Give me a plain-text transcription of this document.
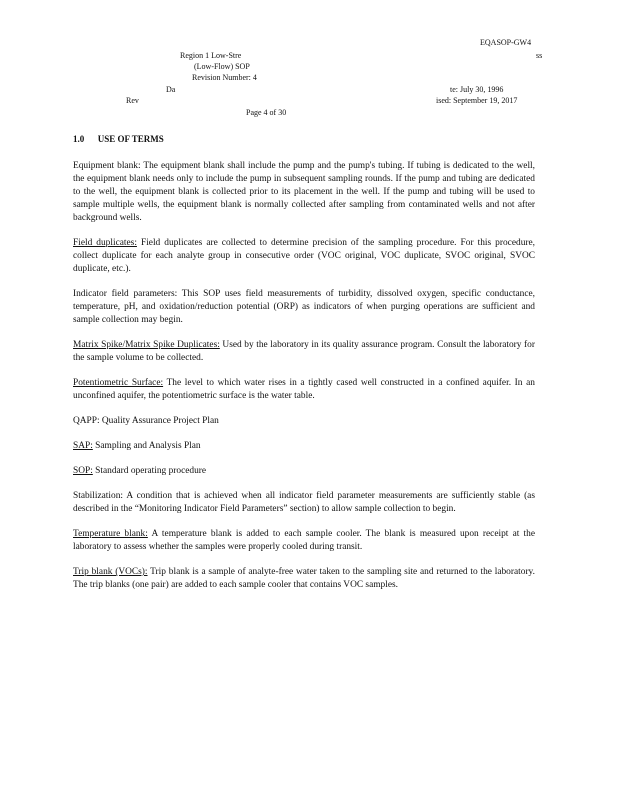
EQASOP-GW4
Region 1 Low-Stre	ss
(Low-Flow) SOP
Revision Number: 4
Da	te: July 30, 1996
Rev	ised: September 19, 2017
Page 4 of 30
1.0      USE OF TERMS

Equipment blank: The equipment blank shall include the pump and the pump's tubing. If tubing is dedicated to the well, the equipment blank needs only to include the pump in subsequent sampling rounds. If the pump and tubing are dedicated to the well, the equipment blank is collected prior to its placement in the well. If the pump and tubing will be used to sample multiple wells, the equipment blank is normally collected after sampling from contaminated wells and not after background wells.

Field duplicates: Field duplicates are collected to determine precision of the sampling procedure. For this procedure, collect duplicate for each analyte group in consecutive order (VOC original, VOC duplicate, SVOC original, SVOC duplicate, etc.).

Indicator field parameters: This SOP uses field measurements of turbidity, dissolved oxygen, specific conductance, temperature, pH, and oxidation/reduction potential (ORP) as indicators of when purging operations are sufficient and sample collection may begin.

Matrix Spike/Matrix Spike Duplicates: Used by the laboratory in its quality assurance program. Consult the laboratory for the sample volume to be collected.

Potentiometric Surface: The level to which water rises in a tightly cased well constructed in a confined aquifer. In an unconfined aquifer, the potentiometric surface is the water table.

QAPP: Quality Assurance Project Plan

SAP: Sampling and Analysis Plan

SOP: Standard operating procedure

Stabilization: A condition that is achieved when all indicator field parameter measurements are sufficiently stable (as described in the “Monitoring Indicator Field Parameters” section) to allow sample collection to begin.

Temperature blank: A temperature blank is added to each sample cooler. The blank is measured upon receipt at the laboratory to assess whether the samples were properly cooled during transit.

Trip blank (VOCs): Trip blank is a sample of analyte-free water taken to the sampling site and returned to the laboratory. The trip blanks (one pair) are added to each sample cooler that contains VOC samples.
